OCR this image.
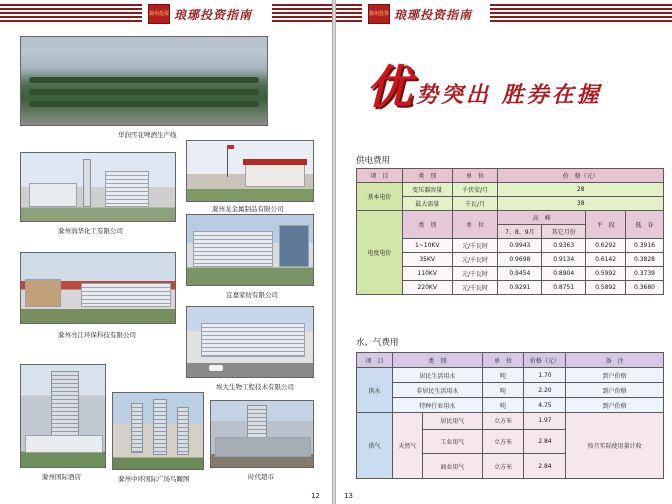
滁州投资 琅琊投资指南
华润雪花啤酒生产线
滁州润华化工有限公司
滁州龙金属制品有限公司
宜嘉家纺有限公司
滁州亮江环保科技有限公司
埃大生物工程技术有限公司
滁州国际酒店	滁州中环国际广场鸟瞰图	时代超市
12
滁州投资 琅琊投资指南
优 势突出 胜券在握
供电费用
项　目	类　别	单　位	价　格（元）			
基本电价	变压器容量	千伏安/月	28			
	最大需量	千瓦/月	38			
电度电价	类　别	单　位	高　峰		平　段	低　谷
			7、8、9月	其它月份		
	1~10KV	元/千瓦时	0.9943	0.9363	0.6292	0.3916
	35KV	元/千瓦时	0.9698	0.9134	0.6142	0.3828
	110KV	元/千瓦时	0.9454	0.8904	0.5992	0.3739
	220KV	元/千瓦时	0.9291	0.8751	0.5892	0.3680
水、气费用
项　目	类　别		单　位	价格（元）	备　注
供水	居民生活用水		吨	1.70	到户价格
	非居民生活用水		吨	2.20	到户价格
	特种行业用水		吨	4.75	到户价格
供气	天然气	居民用气	立方米	1.97	按月实际使用量计收
		工业用气	立方米	2.84	
		商业用气	立方米	2.84	
13
